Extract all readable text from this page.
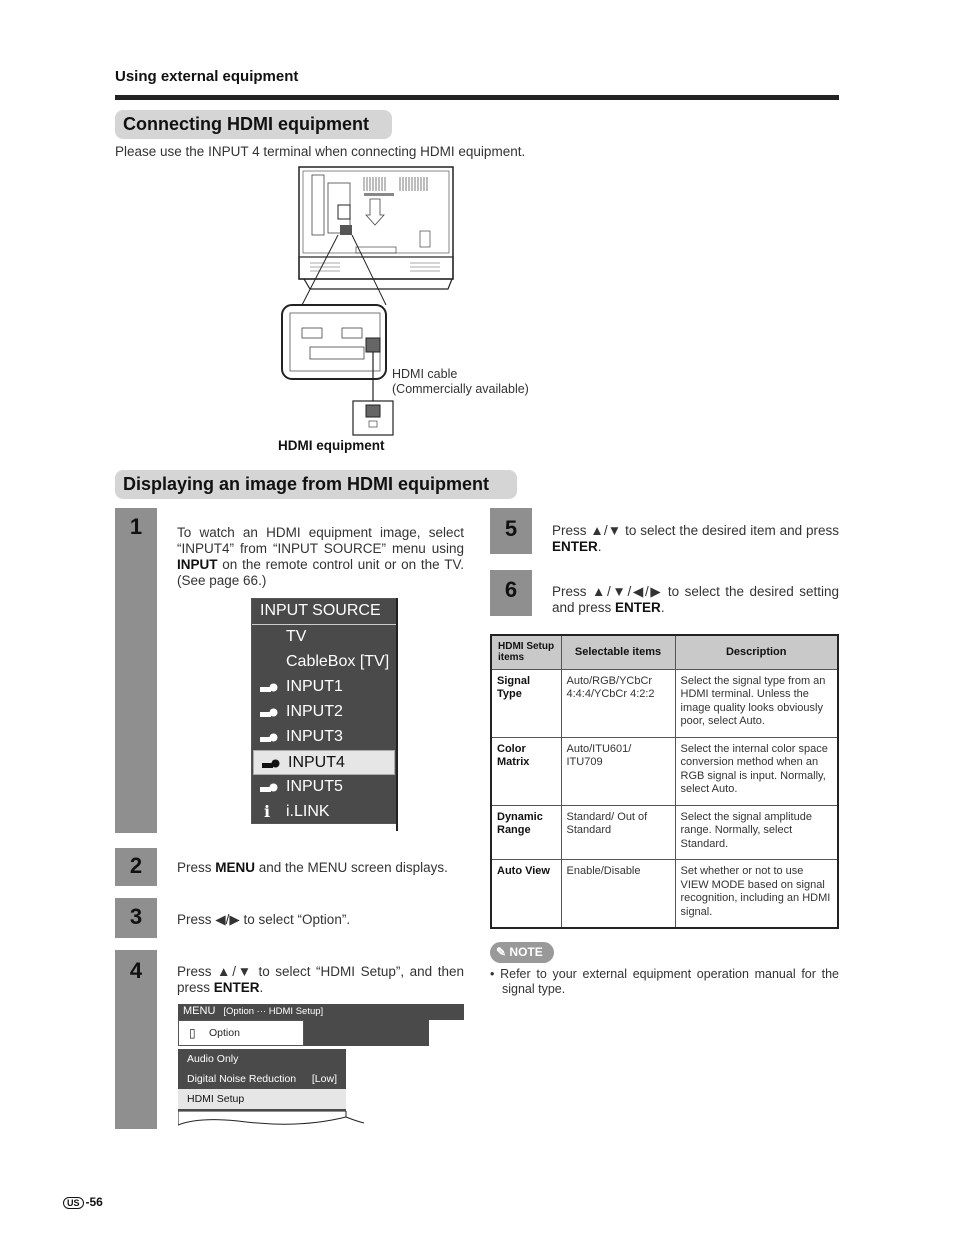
Using external equipment
Connecting HDMI equipment
Please use the INPUT 4 terminal when connecting HDMI equipment.
HDMI cable
(Commercially available)
HDMI equipment
Displaying an image from HDMI equipment
1	To watch an HDMI equipment image, select “INPUT4” from “INPUT SOURCE” menu using INPUT on the remote control unit or on the TV. (See page 66.)
2	Press MENU and the MENU screen displays.
3	Press ◀/▶ to select “Option”.
4	Press ▲/▼ to select “HDMI Setup”, and then press ENTER.
5	Press ▲/▼ to select the desired item and press ENTER.
6	Press ▲/▼/◀/▶ to select the desired setting and press ENTER.
INPUT SOURCE
TV
CableBox [TV]
INPUT1
INPUT2
INPUT3
INPUT4
INPUT5
i i.LINK
MENU [Option ··· HDMI Setup]
▯ Option
Audio Only
Digital Noise Reduction [Low]
HDMI Setup
HDMI Setup items	Selectable items	Description
Signal Type	Auto/RGB/YCbCr 4:4:4/YCbCr 4:2:2	Select the signal type from an HDMI terminal. Unless the image quality looks obviously poor, select Auto.
Color Matrix	Auto/ITU601/ ITU709	Select the internal color space conversion method when an RGB signal is input. Normally, select Auto.
Dynamic Range	Standard/ Out of Standard	Select the signal amplitude range. Normally, select Standard.
Auto View	Enable/Disable	Set whether or not to use VIEW MODE based on signal recognition, including an HDMI signal.
✎ NOTE
• Refer to your external equipment operation manual for the signal type.
US -56
